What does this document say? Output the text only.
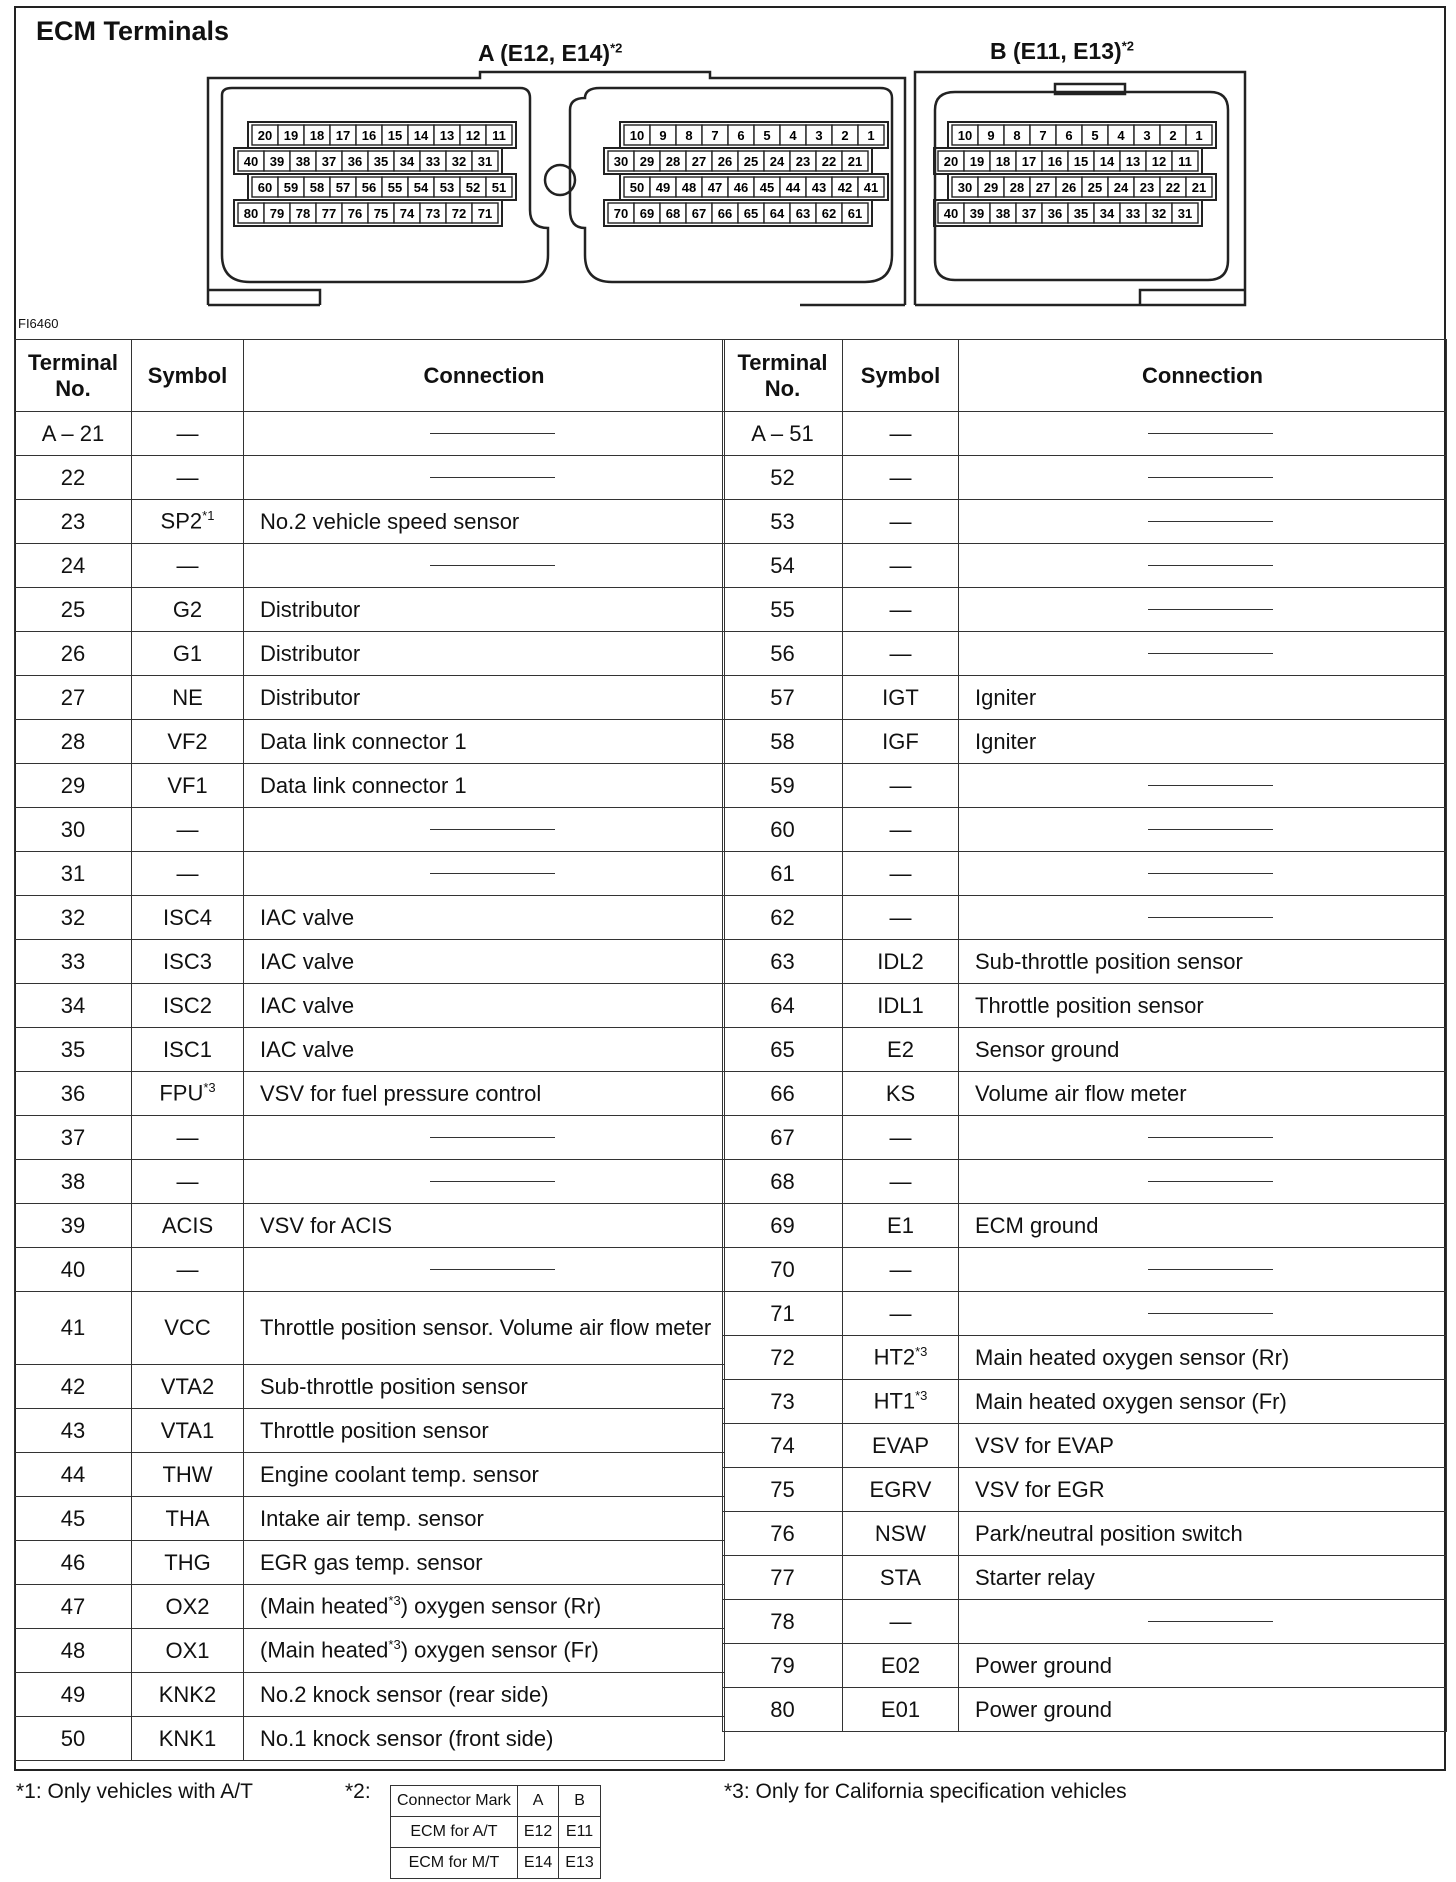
ECM Terminals
A (E12, E14)$^{*2}$	B (E11, E13)$^{*2}$
FI6460
20 19 18 17 16 15 14 13 12 11
40 39 38 37 36 35 34 33 32 31
60 59 58 57 56 55 54 53 52 51
80 79 78 77 76 75 74 73 72 71
10 9 8 7 6 5 4 3 2 1
30 29 28 27 26 25 24 23 22 21
50 49 48 47 46 45 44 43 42 41
70 69 68 67 66 65 64 63 62 61
10 9 8 7 6 5 4 3 2 1
20 19 18 17 16 15 14 13 12 11
30 29 28 27 26 25 24 23 22 21
40 39 38 37 36 35 34 33 32 31
Terminal No.	Symbol	Connection
A – 21	—	

22	—	

23	SP2$^{*1}$	No.2 vehicle speed sensor
24	—	

25	G2	Distributor
26	G1	Distributor
27	NE	Distributor
28	VF2	Data link connector 1
29	VF1	Data link connector 1
30	—	

31	—	

32	ISC4	IAC valve
33	ISC3	IAC valve
34	ISC2	IAC valve
35	ISC1	IAC valve
36	FPU$^{*3}$	VSV for fuel pressure control
37	—	

38	—	

39	ACIS	VSV for ACIS
40	—	

41	VCC	Throttle position sensor. Volume air flow meter
42	VTA2	Sub-throttle position sensor
43	VTA1	Throttle position sensor
44	THW	Engine coolant temp. sensor
45	THA	Intake air temp. sensor
46	THG	EGR gas temp. sensor
47	OX2	(Main heated$^{*3}$) oxygen sensor (Rr)
48	OX1	(Main heated$^{*3}$) oxygen sensor (Fr)
49	KNK2	No.2 knock sensor (rear side)
50	KNK1	No.1 knock sensor (front side)
Terminal No.	Symbol	Connection
A – 51	—	

52	—	

53	—	

54	—	

55	—	

56	—	

57	IGT	Igniter
58	IGF	Igniter
59	—	

60	—	

61	—	

62	—	

63	IDL2	Sub-throttle position sensor
64	IDL1	Throttle position sensor
65	E2	Sensor ground
66	KS	Volume air flow meter
67	—	

68	—	

69	E1	ECM ground
70	—	

71	—	

72	HT2$^{*3}$	Main heated oxygen sensor (Rr)
73	HT1$^{*3}$	Main heated oxygen sensor (Fr)
74	EVAP	VSV for EVAP
75	EGRV	VSV for EGR
76	NSW	Park/neutral position switch
77	STA	Starter relay
78	—	

79	E02	Power ground
80	E01	Power ground
*1: Only vehicles with A/T	*2:	*3: Only for California specification vehicles
Connector Mark	A	B
ECM for A/T	E12	E11
ECM for M/T	E14	E13
